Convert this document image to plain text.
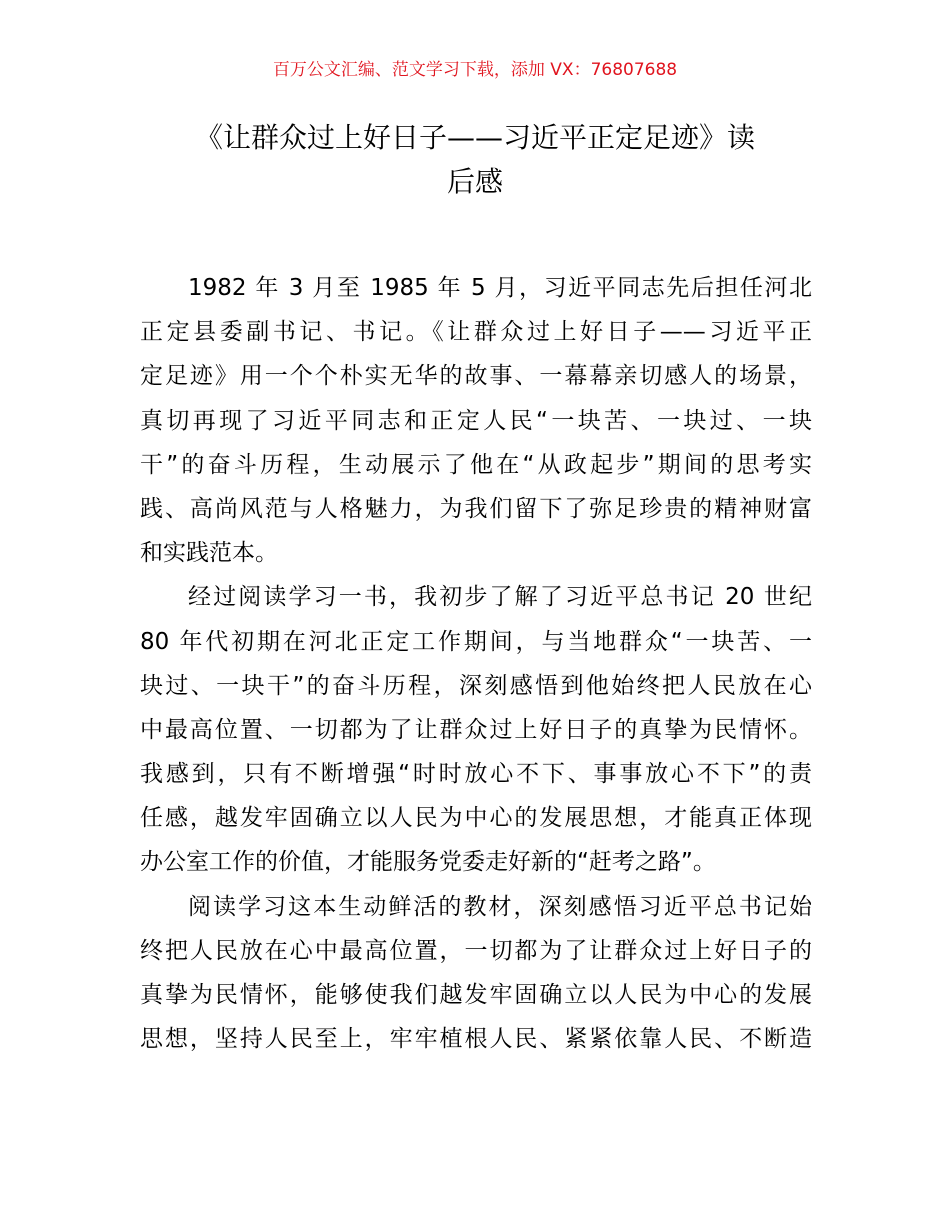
百万公文汇编、范文学习下载，添加 VX：76807688
《让群众过上好日子——习近平正定足迹》读
后感
1982 年 3 月至 1985 年 5 月，习近平同志先后担任河北
正定县委副书记、书记。《让群众过上好日子——习近平正
定足迹》用一个个朴实无华的故事、一幕幕亲切感人的场景，
真切再现了习近平同志和正定人民“一块苦、一块过、一块
干”的奋斗历程，生动展示了他在“从政起步”期间的思考实
践、高尚风范与人格魅力，为我们留下了弥足珍贵的精神财富
和实践范本。
经过阅读学习一书，我初步了解了习近平总书记 20 世纪
80 年代初期在河北正定工作期间，与当地群众“一块苦、一
块过、一块干”的奋斗历程，深刻感悟到他始终把人民放在心
中最高位置、一切都为了让群众过上好日子的真挚为民情怀。
我感到，只有不断增强“时时放心不下、事事放心不下”的责
任感，越发牢固确立以人民为中心的发展思想，才能真正体现
办公室工作的价值，才能服务党委走好新的“赶考之路”。
阅读学习这本生动鲜活的教材，深刻感悟习近平总书记始
终把人民放在心中最高位置，一切都为了让群众过上好日子的
真挚为民情怀，能够使我们越发牢固确立以人民为中心的发展
思想，坚持人民至上，牢牢植根人民、紧紧依靠人民、不断造
